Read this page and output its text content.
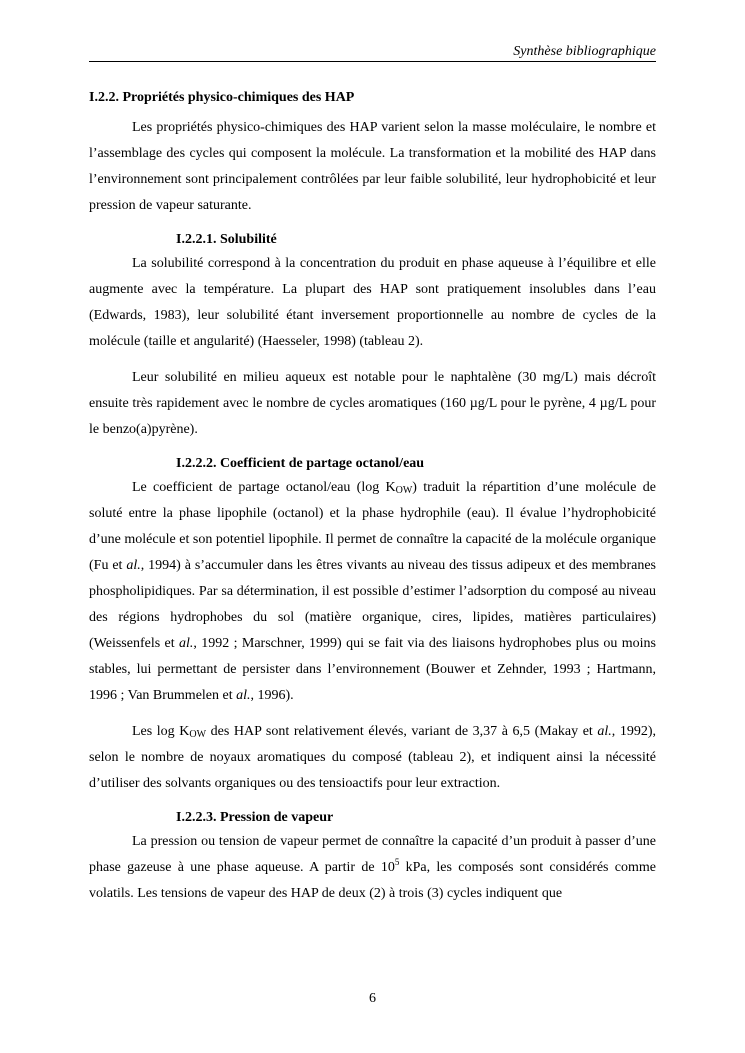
Synthèse bibliographique
I.2.2. Propriétés physico-chimiques des HAP

Les propriétés physico-chimiques des HAP varient selon la masse moléculaire, le nombre et l’assemblage des cycles qui composent la molécule. La transformation et la mobilité des HAP dans l’environnement sont principalement contrôlées par leur faible solubilité, leur hydrophobicité et leur pression de vapeur saturante.

I.2.2.1. Solubilité

La solubilité correspond à la concentration du produit en phase aqueuse à l’équilibre et elle augmente avec la température. La plupart des HAP sont pratiquement insolubles dans l’eau (Edwards, 1983), leur solubilité étant inversement proportionnelle au nombre de cycles de la molécule (taille et angularité) (Haesseler, 1998) (tableau 2).

Leur solubilité en milieu aqueux est notable pour le naphtalène (30 mg/L) mais décroît ensuite très rapidement avec le nombre de cycles aromatiques (160 µg/L pour le pyrène, 4 µg/L pour le benzo(a)pyrène).

I.2.2.2. Coefficient de partage octanol/eau

Le coefficient de partage octanol/eau (log $K_{OW}$) traduit la répartition d’une molécule de soluté entre la phase lipophile (octanol) et la phase hydrophile (eau). Il évalue l’hydrophobicité d’une molécule et son potentiel lipophile. Il permet de connaître la capacité de la molécule organique (Fu et al., 1994) à s’accumuler dans les êtres vivants au niveau des tissus adipeux et des membranes phospholipidiques. Par sa détermination, il est possible d’estimer l’adsorption du composé au niveau des régions hydrophobes du sol (matière organique, cires, lipides, matières particulaires) (Weissenfels et al., 1992 ; Marschner, 1999) qui se fait via des liaisons hydrophobes plus ou moins stables, lui permettant de persister dans l’environnement (Bouwer et Zehnder, 1993 ; Hartmann, 1996 ; Van Brummelen et al., 1996).

Les $\log K_{OW}$ des HAP sont relativement élevés, variant de 3,37 à 6,5 (Makay et al., 1992), selon le nombre de noyaux aromatiques du composé (tableau 2), et indiquent ainsi la nécessité d’utiliser des solvants organiques ou des tensioactifs pour leur extraction.

I.2.2.3. Pression de vapeur

La pression ou tension de vapeur permet de connaître la capacité d’un produit à passer d’une phase gazeuse à une phase aqueuse. A partir de $10^5$ kPa, les composés sont considérés comme volatils. Les tensions de vapeur des HAP de deux (2) à trois (3) cycles indiquent que

6
